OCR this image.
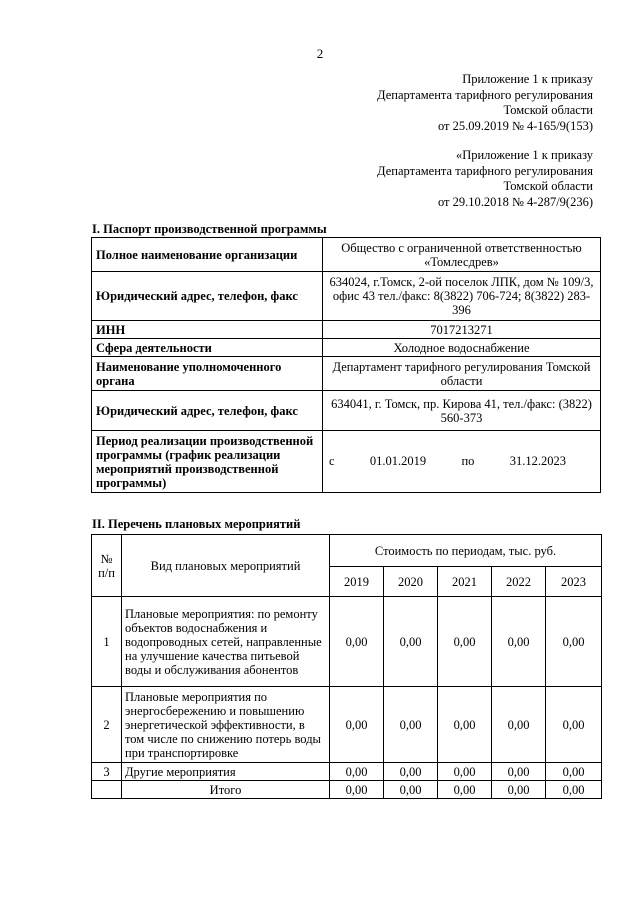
2
Приложение 1 к приказу
Департамента тарифного регулирования
Томской области
от 25.09.2019 № 4-165/9(153)
«Приложение 1 к приказу
Департамента тарифного регулирования
Томской области
от 29.10.2018 № 4-287/9(236)
I. Паспорт производственной программы
Полное наименование организации	Общество с ограниченной ответственностью «Томлесдрев»
Юридический адрес, телефон, факс	634024, г.Томск, 2-ой поселок ЛПК, дом № 109/3, офис 43 тел./факс: 8(3822) 706-724; 8(3822) 283-396
ИНН	7017213271
Сфера деятельности	Холодное водоснабжение
Наименование уполномоченного органа	Департамент тарифного регулирования Томской области
Юридический адрес, телефон, факс	634041, г. Томск, пр. Кирова 41, тел./факс: (3822) 560-373
Период реализации производственной программы (график реализации мероприятий производственной программы)	с 01.01.2019 по 31.12.2023
II. Перечень плановых мероприятий
№ п/п	Вид плановых мероприятий	Стоимость по периодам, тыс. руб.				
		2019	2020	2021	2022	2023
1	Плановые мероприятия: по ремонту объектов водоснабжения и водопроводных сетей, направленные на улучшение качества питьевой воды и обслуживания абонентов	0,00	0,00	0,00	0,00	0,00
2	Плановые мероприятия по энергосбережению и повышению энергетической эффективности, в том числе по снижению потерь воды при транспортировке	0,00	0,00	0,00	0,00	0,00
3	Другие мероприятия	0,00	0,00	0,00	0,00	0,00
	Итого	0,00	0,00	0,00	0,00	0,00
